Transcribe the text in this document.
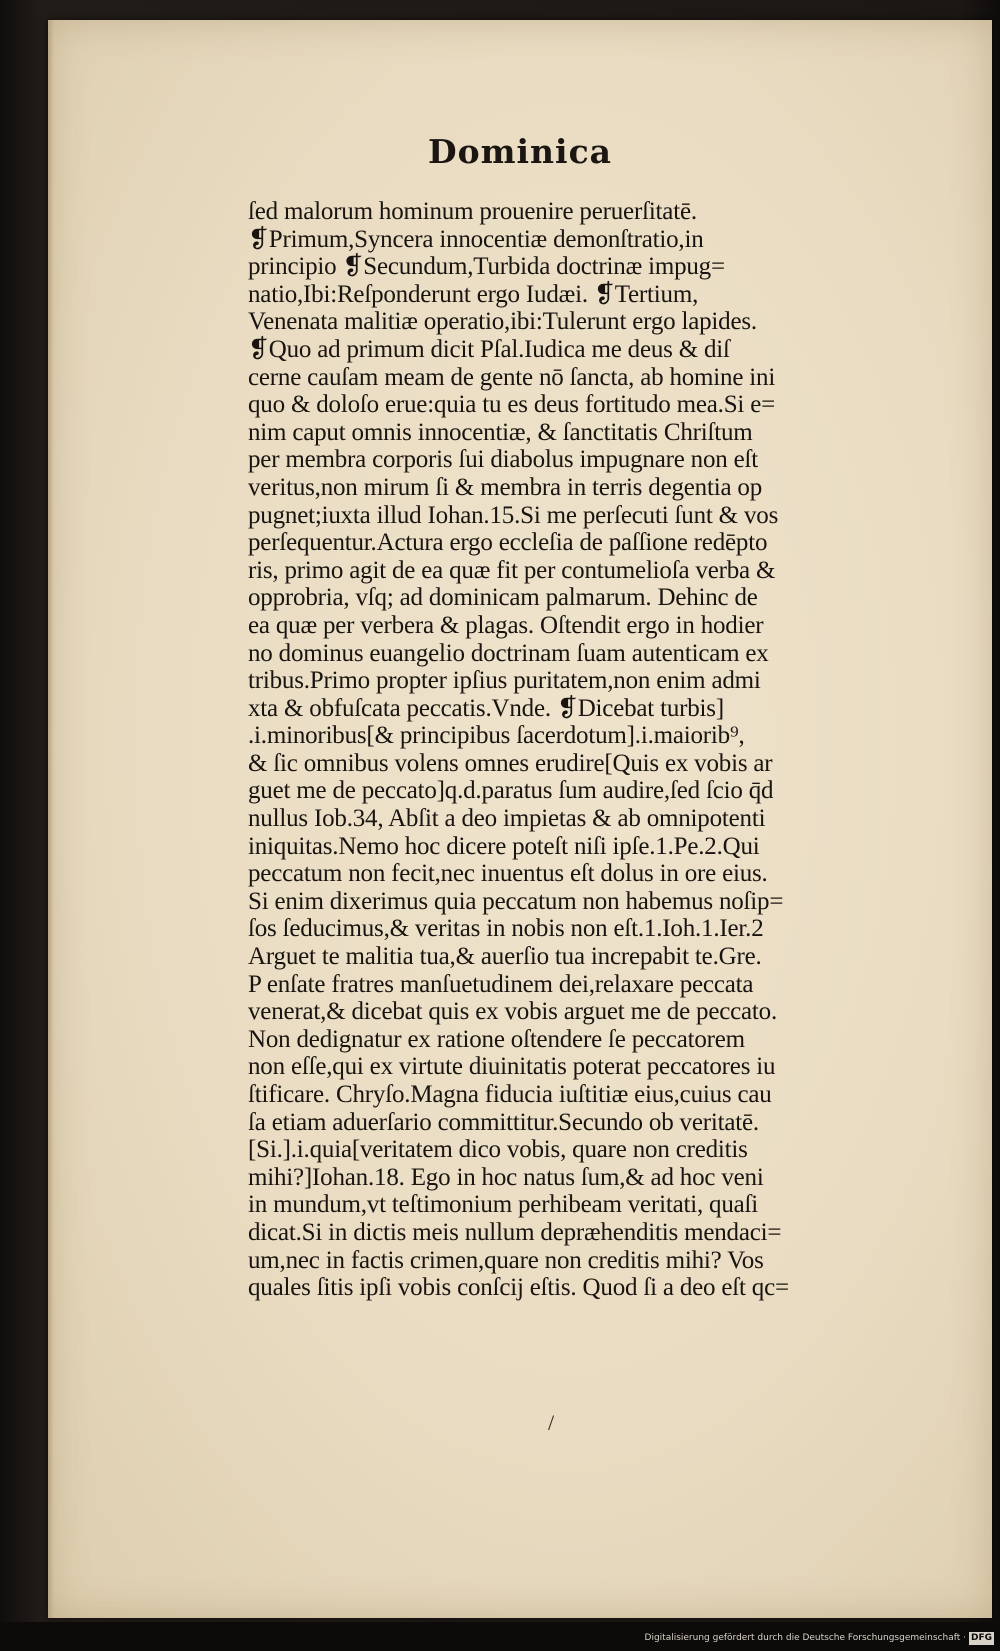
Dominica
ſed malorum hominum prouenire peruerſitatē.
❡Primum,Syncera innocentiæ demonſtratio,in
principio ❡Secundum,Turbida doctrinæ impug=
natio,Ibi:Reſponderunt ergo Iudæi. ❡Tertium,
Venenata malitiæ operatio,ibi:Tulerunt ergo lapides.
❡Quo ad primum dicit Pſal.Iudica me deus & diſ
cerne cauſam meam de gente nō ſancta, ab homine ini
quo & doloſo erue:quia tu es deus fortitudo mea.Si e=
nim caput omnis innocentiæ, & ſanctitatis Chriſtum
per membra corporis ſui diabolus impugnare non eſt
veritus,non mirum ſi & membra in terris degentia op
pugnet;iuxta illud Iohan.15.Si me perſecuti ſunt & vos
perſequentur.Actura ergo eccleſia de paſſione redēpto
ris, primo agit de ea quæ fit per contumelioſa verba &
opprobria, vſq; ad dominicam palmarum. Dehinc de
ea quæ per verbera & plagas. Oſtendit ergo in hodier
no dominus euangelio doctrinam ſuam autenticam ex
tribus.Primo propter ipſius puritatem,non enim admi
xta & obfuſcata peccatis.Vnde. ❡Dicebat turbis]
.i.minoribus[& principibus ſacerdotum].i.maiorib⁹,
& ſic omnibus volens omnes erudire[Quis ex vobis ar
guet me de peccato]q.d.paratus ſum audire,ſed ſcio q̄d
nullus Iob.34, Abſit a deo impietas & ab omnipotenti
iniquitas.Nemo hoc dicere poteſt niſi ipſe.1.Pe.2.Qui
peccatum non fecit,nec inuentus eſt dolus in ore eius.
Si enim dixerimus quia peccatum non habemus noſip=
ſos ſeducimus,& veritas in nobis non eſt.1.Ioh.1.Ier.2
Arguet te malitia tua,& auerſio tua increpabit te.Gre.
P enſate fratres manſuetudinem dei,relaxare peccata
venerat,& dicebat quis ex vobis arguet me de peccato.
Non dedignatur ex ratione oſtendere ſe peccatorem
non eſſe,qui ex virtute diuinitatis poterat peccatores iu
ſtificare. Chryſo.Magna fiducia iuſtitiæ eius,cuius cau
ſa etiam aduerſario committitur.Secundo ob veritatē.
[Si.].i.quia[veritatem dico vobis, quare non creditis
mihi?]Iohan.18. Ego in hoc natus ſum,& ad hoc veni
in mundum,vt teſtimonium perhibeam veritati, quaſi
dicat.Si in dictis meis nullum depræhenditis mendaci=
um,nec in factis crimen,quare non creditis mihi? Vos
quales ſitis ipſi vobis conſcij eſtis. Quod ſi a deo eſt qc=
/
Digitalisierung gefördert durch die Deutsche Forschungsgemeinschaft · DFG
